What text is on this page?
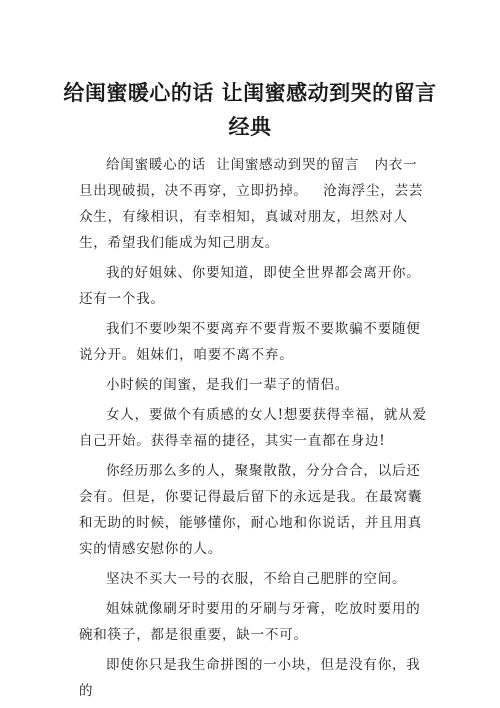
给闺蜜暖心的话 让闺蜜感动到哭的留言经典

给闺蜜暖心的话  让闺蜜感动到哭的留言   内衣一旦出现破损，决不再穿，立即扔掉。   沧海浮尘，芸芸众生，有缘相识，有幸相知，真诚对朋友，坦然对人生，希望我们能成为知己朋友。

我的好姐妹、你要知道，即使全世界都会离开你。还有一个我。

我们不要吵架不要离弃不要背叛不要欺骗不要随便说分开。姐妹们，咱要不离不弃。

小时候的闺蜜，是我们一辈子的情侣。

女人，要做个有质感的女人!想要获得幸福，就从爱自己开始。获得幸福的捷径，其实一直都在身边!

你经历那么多的人，聚聚散散，分分合合，以后还会有。但是，你要记得最后留下的永远是我。在最窝囊和无助的时候，能够懂你，耐心地和你说话，并且用真实的情感安慰你的人。

坚决不买大一号的衣服，不给自己肥胖的空间。

姐妹就像刷牙时要用的牙刷与牙膏，吃放时要用的碗和筷子，都是很重要，缺一不可。

即使你只是我生命拼图的一小块，但是没有你，我的
